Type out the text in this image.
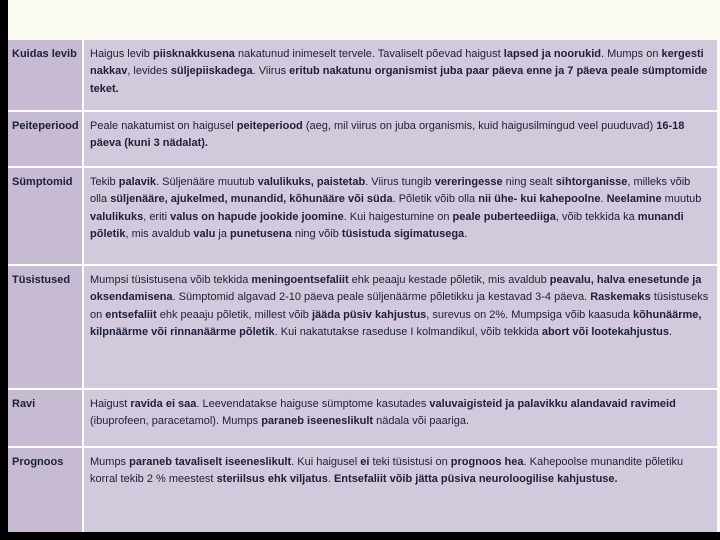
Kuidas levib	Haigus levib piisknakkusena nakatunud inimeselt tervele. Tavaliselt põevad haigust lapsed ja noorukid. Mumps on kergesti nakkav, levides süljepiiskadega. Viirus eritub nakatunu organismist juba paar päeva enne ja 7 päeva peale sümptomide teket.
Peiteperiood	Peale nakatumist on haigusel peiteperiood (aeg, mil viirus on juba organismis, kuid haigusilmingud veel puuduvad) 16-18 päeva (kuni 3 nädalat).
Sümptomid	Tekib palavik. Süljenääre muutub valulikuks, paistetab. Viirus tungib vereringesse ning sealt sihtorganisse, milleks võib olla süljenääre, ajukelmed, munandid, kõhunääre või süda. Põletik võib olla nii ühe- kui kahepoolne. Neelamine muutub valulikuks, eriti valus on hapude jookide joomine. Kui haigestumine on peale puberteediiga, võib tekkida ka munandi põletik, mis avaldub valu ja punetusena ning võib tüsistuda sigimatusega.
Tüsistused	Mumpsi tüsistusena võib tekkida meningoentsefaliit ehk peaaju kestade põletik, mis avaldub peavalu, halva enesetunde ja oksendamisena. Sümptomid algavad 2-10 päeva peale süljenäärme põletikku ja kestavad 3-4 päeva. Raskemaks tüsistuseks on entsefaliit ehk peaaju põletik, millest võib jääda püsiv kahjustus, surevus on 2%. Mumpsiga võib kaasuda kõhunäärme, kilpnäärme või rinnanäärme põletik. Kui nakatutakse raseduse I kolmandikul, võib tekkida abort või lootekahjustus.
Ravi	Haigust ravida ei saa. Leevendatakse haiguse sümptome kasutades valuvaigisteid ja palavikku alandavaid ravimeid (ibuprofeen, paracetamol). Mumps paraneb iseeneslikult nädala või paariga.
Prognoos	Mumps paraneb tavaliselt iseeneslikult. Kui haigusel ei teki tüsistusi on prognoos hea. Kahepoolse munandite põletiku korral tekib 2 % meestest steriilsus ehk viljatus. Entsefaliit võib jätta püsiva neuroloogilise kahjustuse.
